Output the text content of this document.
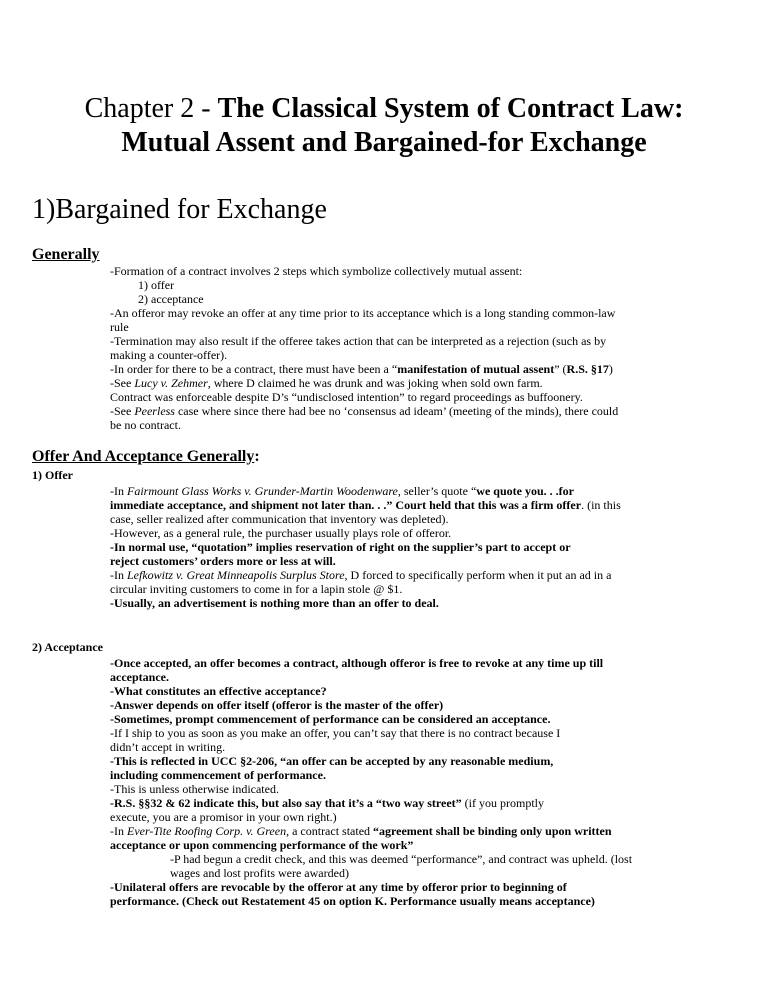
Chapter 2 - The Classical System of Contract Law:
Mutual Assent and Bargained-for Exchange
1)Bargained for Exchange
Generally
-Formation of a contract involves 2 steps which symbolize collectively mutual assent:
1) offer
2) acceptance
-An offeror may revoke an offer at any time prior to its acceptance which is a long standing common-law
rule
-Termination may also result if the offeree takes action that can be interpreted as a rejection (such as by
making a counter-offer).
-In order for there to be a contract, there must have been a “manifestation of mutual assent” (R.S. §17)
-See Lucy v. Zehmer, where D claimed he was drunk and was joking when sold own farm.
Contract was enforceable despite D’s “undisclosed intention” to regard proceedings as buffoonery.
-See Peerless case where since there had bee no ‘consensus ad ideam’ (meeting of the minds), there could
be no contract.
Offer And Acceptance Generally:
1) Offer
-In Fairmount Glass Works v. Grunder-Martin Woodenware, seller’s quote “we quote you. . .for
immediate acceptance, and shipment not later than. . .” Court held that this was a firm offer. (in this
case, seller realized after communication that inventory was depleted).
-However, as a general rule, the purchaser usually plays role of offeror.
-In normal use, “quotation” implies reservation of right on the supplier’s part to accept or
reject customers’ orders more or less at will.
-In Lefkowitz v. Great Minneapolis Surplus Store, D forced to specifically perform when it put an ad in a
circular inviting customers to come in for a lapin stole @ $1.
-Usually, an advertisement is nothing more than an offer to deal.
2) Acceptance
-Once accepted, an offer becomes a contract, although offeror is free to revoke at any time up till
acceptance.
-What constitutes an effective acceptance?
-Answer depends on offer itself (offeror is the master of the offer)
-Sometimes, prompt commencement of performance can be considered an acceptance.
-If I ship to you as soon as you make an offer, you can’t say that there is no contract because I
didn’t accept in writing.
-This is reflected in UCC §2-206, “an offer can be accepted by any reasonable medium,
including commencement of performance.
-This is unless otherwise indicated.
-R.S. §§32 & 62 indicate this, but also say that it’s a “two way street” (if you promptly
execute, you are a promisor in your own right.)
-In Ever-Tite Roofing Corp. v. Green, a contract stated “agreement shall be binding only upon written
acceptance or upon commencing performance of the work”
-P had begun a credit check, and this was deemed “performance”, and contract was upheld. (lost
wages and lost profits were awarded)
-Unilateral offers are revocable by the offeror at any time by offeror prior to beginning of
performance. (Check out Restatement 45 on option K. Performance usually means acceptance)
